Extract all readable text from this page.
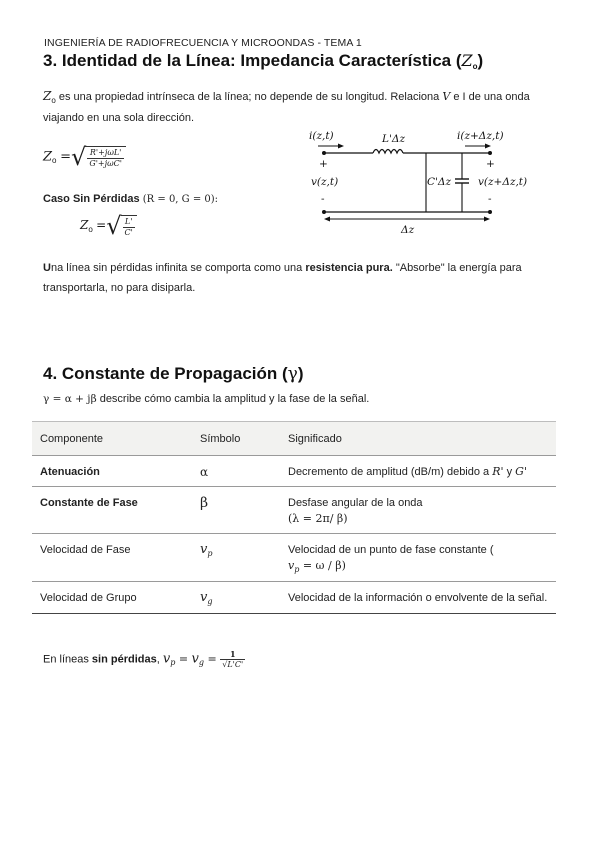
INGENIERÍA DE RADIOFRECUENCIA Y MICROONDAS - TEMA 1
3. Identidad de la Línea: Impedancia Característica $(Z_o)$
$Z_o$ es una propiedad intrínseca de la línea; no depende de su longitud. Relaciona V e I de una onda viajando en una sola dirección.
$Z_o$ =√ $\frac{\text{R'+jωL'}}{\text{G'+jωC'}}$
Caso Sin Pérdidas (R = 0, G = 0):
$Z_o$ =√ $\frac{L'}{C'}$
i(z,t)	i(z+Δz,t)
L'Δz
C'Δz
+	+
v(z,t)	v(z+Δz,t)
-	-
Δz
Una línea sin pérdidas infinita se comporta como una resistencia pura. "Absorbe" la energía para transportarla, no para disiparla.
4. Constante de Propagación (γ)
γ = α + jβ describe cómo cambia la amplitud y la fase de la señal.
Componente	Símbolo	Significado
Atenuación	α	Decremento de amplitud (dB/m) debido a R' y G'
Constante de Fase	β	Desfase angular de la onda
(λ = 2π/ β)
Velocidad de Fase	$v_p$	Velocidad de un punto de fase constante (
$v_p = \omega / \beta$)
Velocidad de Grupo	$v_g$	Velocidad de la información o envolvente de la señal.
En líneas sin pérdidas, $v_p = v_g = \frac{1}{√L'C'}$
